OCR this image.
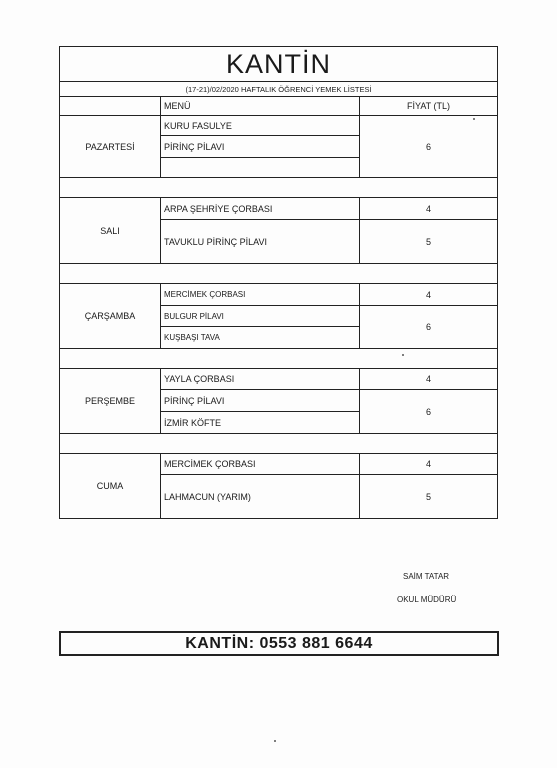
KANTİN		
(17-21)/02/2020 HAFTALIK ÖĞRENCİ YEMEK LİSTESİ		
	MENÜ	FİYAT (TL)
PAZARTESİ	KURU FASULYE	6
	PİRİNÇ PİLAVI	

SALI	ARPA ŞEHRİYE ÇORBASI	4
	TAVUKLU PİRİNÇ PİLAVI	5

ÇARŞAMBA	MERCİMEK ÇORBASI	4
	BULGUR PİLAVI	6
	KUŞBAŞI TAVA	

PERŞEMBE	YAYLA ÇORBASI	4
	PİRİNÇ PİLAVI	6
	İZMİR KÖFTE	

CUMA	MERCİMEK ÇORBASI	4
	LAHMACUN (YARIM)	5
SAİM TATAR
OKUL MÜDÜRÜ
KANTİN: 0553 881 6644
